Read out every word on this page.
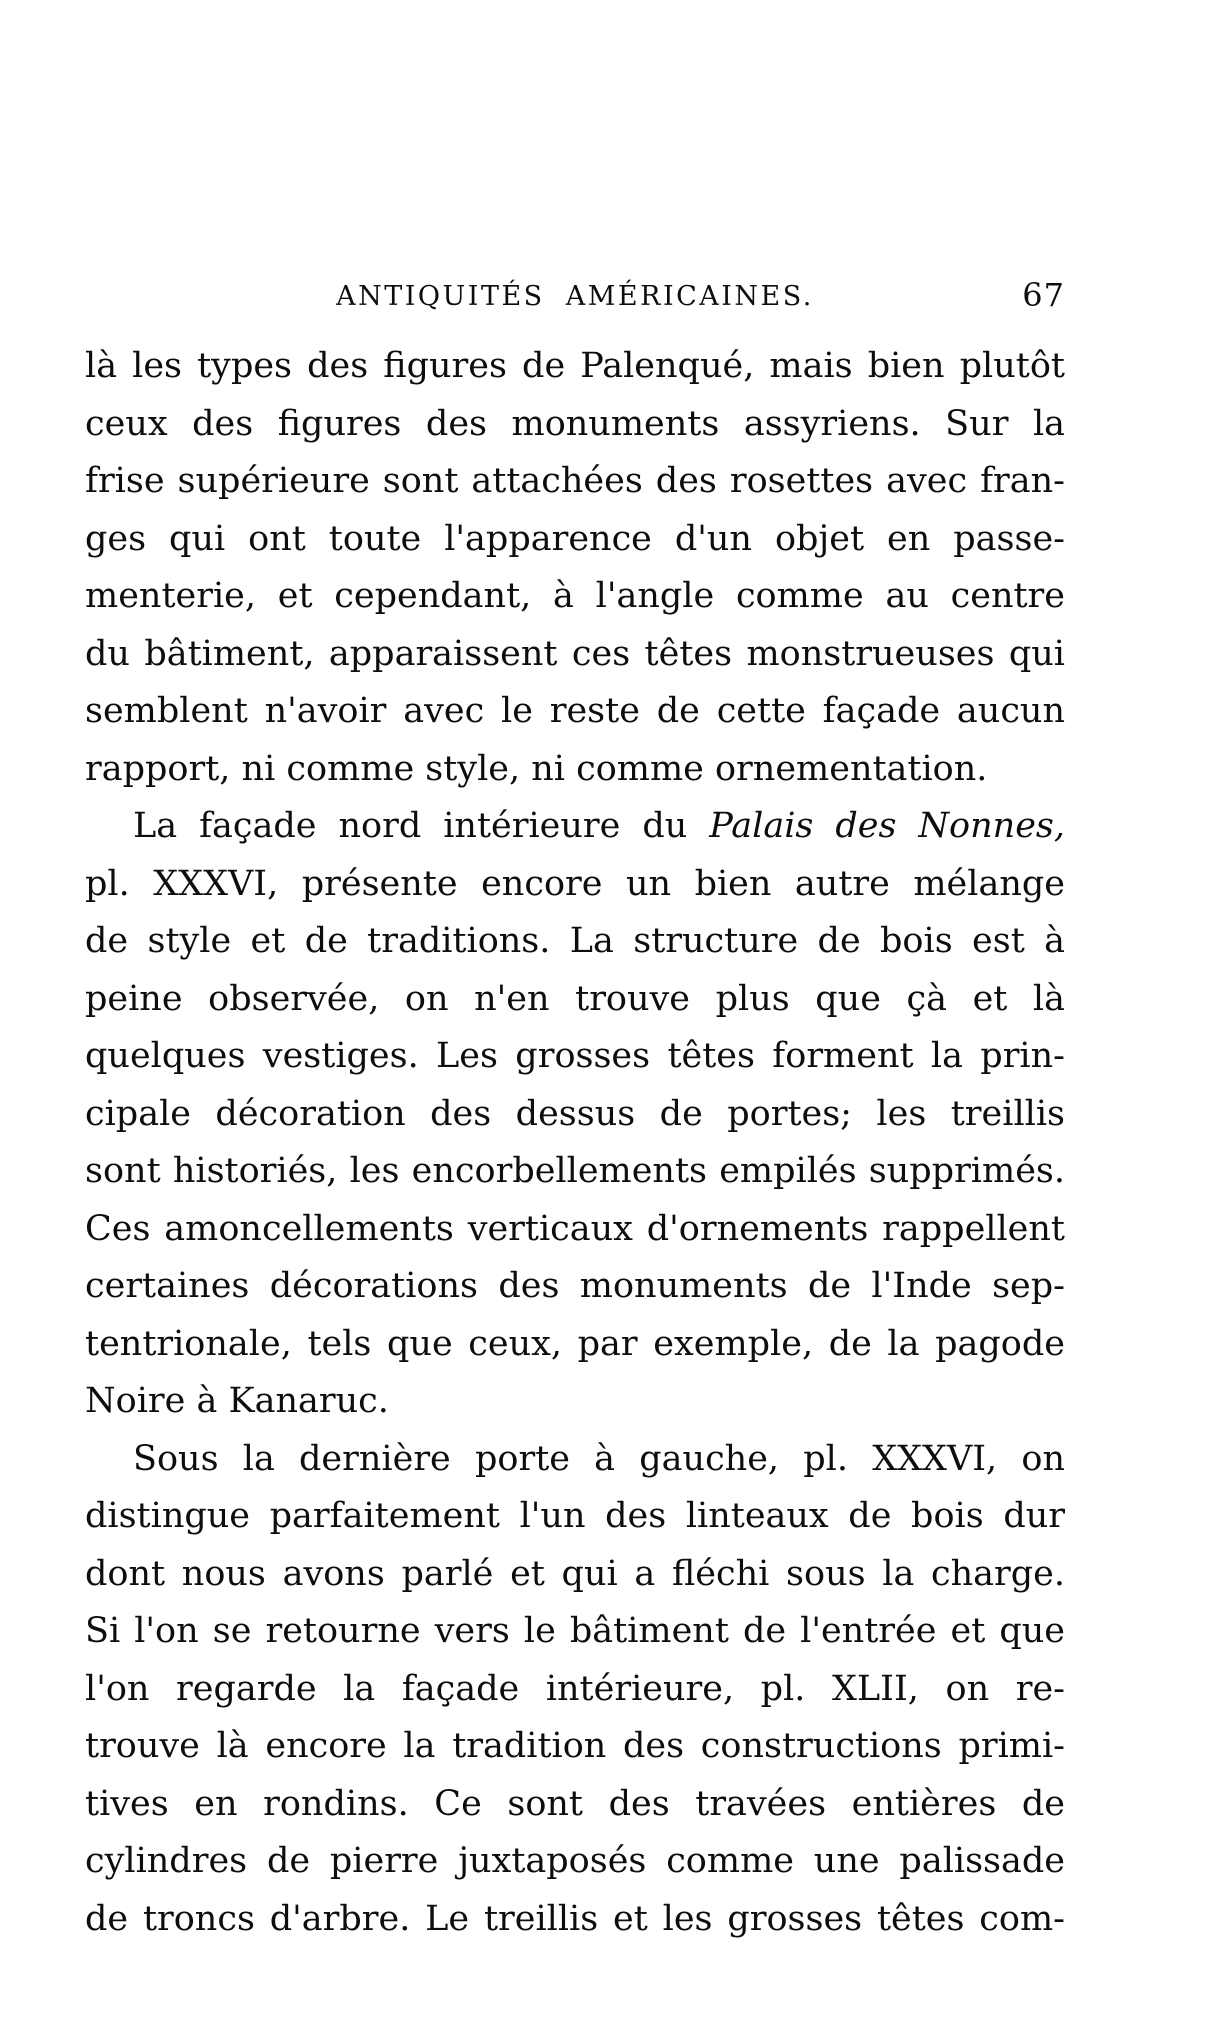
ANTIQUITÉS AMÉRICAINES.	67
là les types des figures de Palenqué, mais bien plutôt
ceux des figures des monuments assyriens. Sur la
frise supérieure sont attachées des rosettes avec fran-
ges qui ont toute l'apparence d'un objet en passe-
menterie, et cependant, à l'angle comme au centre
du bâtiment, apparaissent ces têtes monstrueuses qui
semblent n'avoir avec le reste de cette façade aucun
rapport, ni comme style, ni comme ornementation.
La façade nord intérieure du Palais des Nonnes,
pl. XXXVI, présente encore un bien autre mélange
de style et de traditions. La structure de bois est à
peine observée, on n'en trouve plus que çà et là
quelques vestiges. Les grosses têtes forment la prin-
cipale décoration des dessus de portes; les treillis
sont historiés, les encorbellements empilés supprimés.
Ces amoncellements verticaux d'ornements rappellent
certaines décorations des monuments de l'Inde sep-
tentrionale, tels que ceux, par exemple, de la pagode
Noire à Kanaruc.
Sous la dernière porte à gauche, pl. XXXVI, on
distingue parfaitement l'un des linteaux de bois dur
dont nous avons parlé et qui a fléchi sous la charge.
Si l'on se retourne vers le bâtiment de l'entrée et que
l'on regarde la façade intérieure, pl. XLII, on re-
trouve là encore la tradition des constructions primi-
tives en rondins. Ce sont des travées entières de
cylindres de pierre juxtaposés comme une palissade
de troncs d'arbre. Le treillis et les grosses têtes com-
